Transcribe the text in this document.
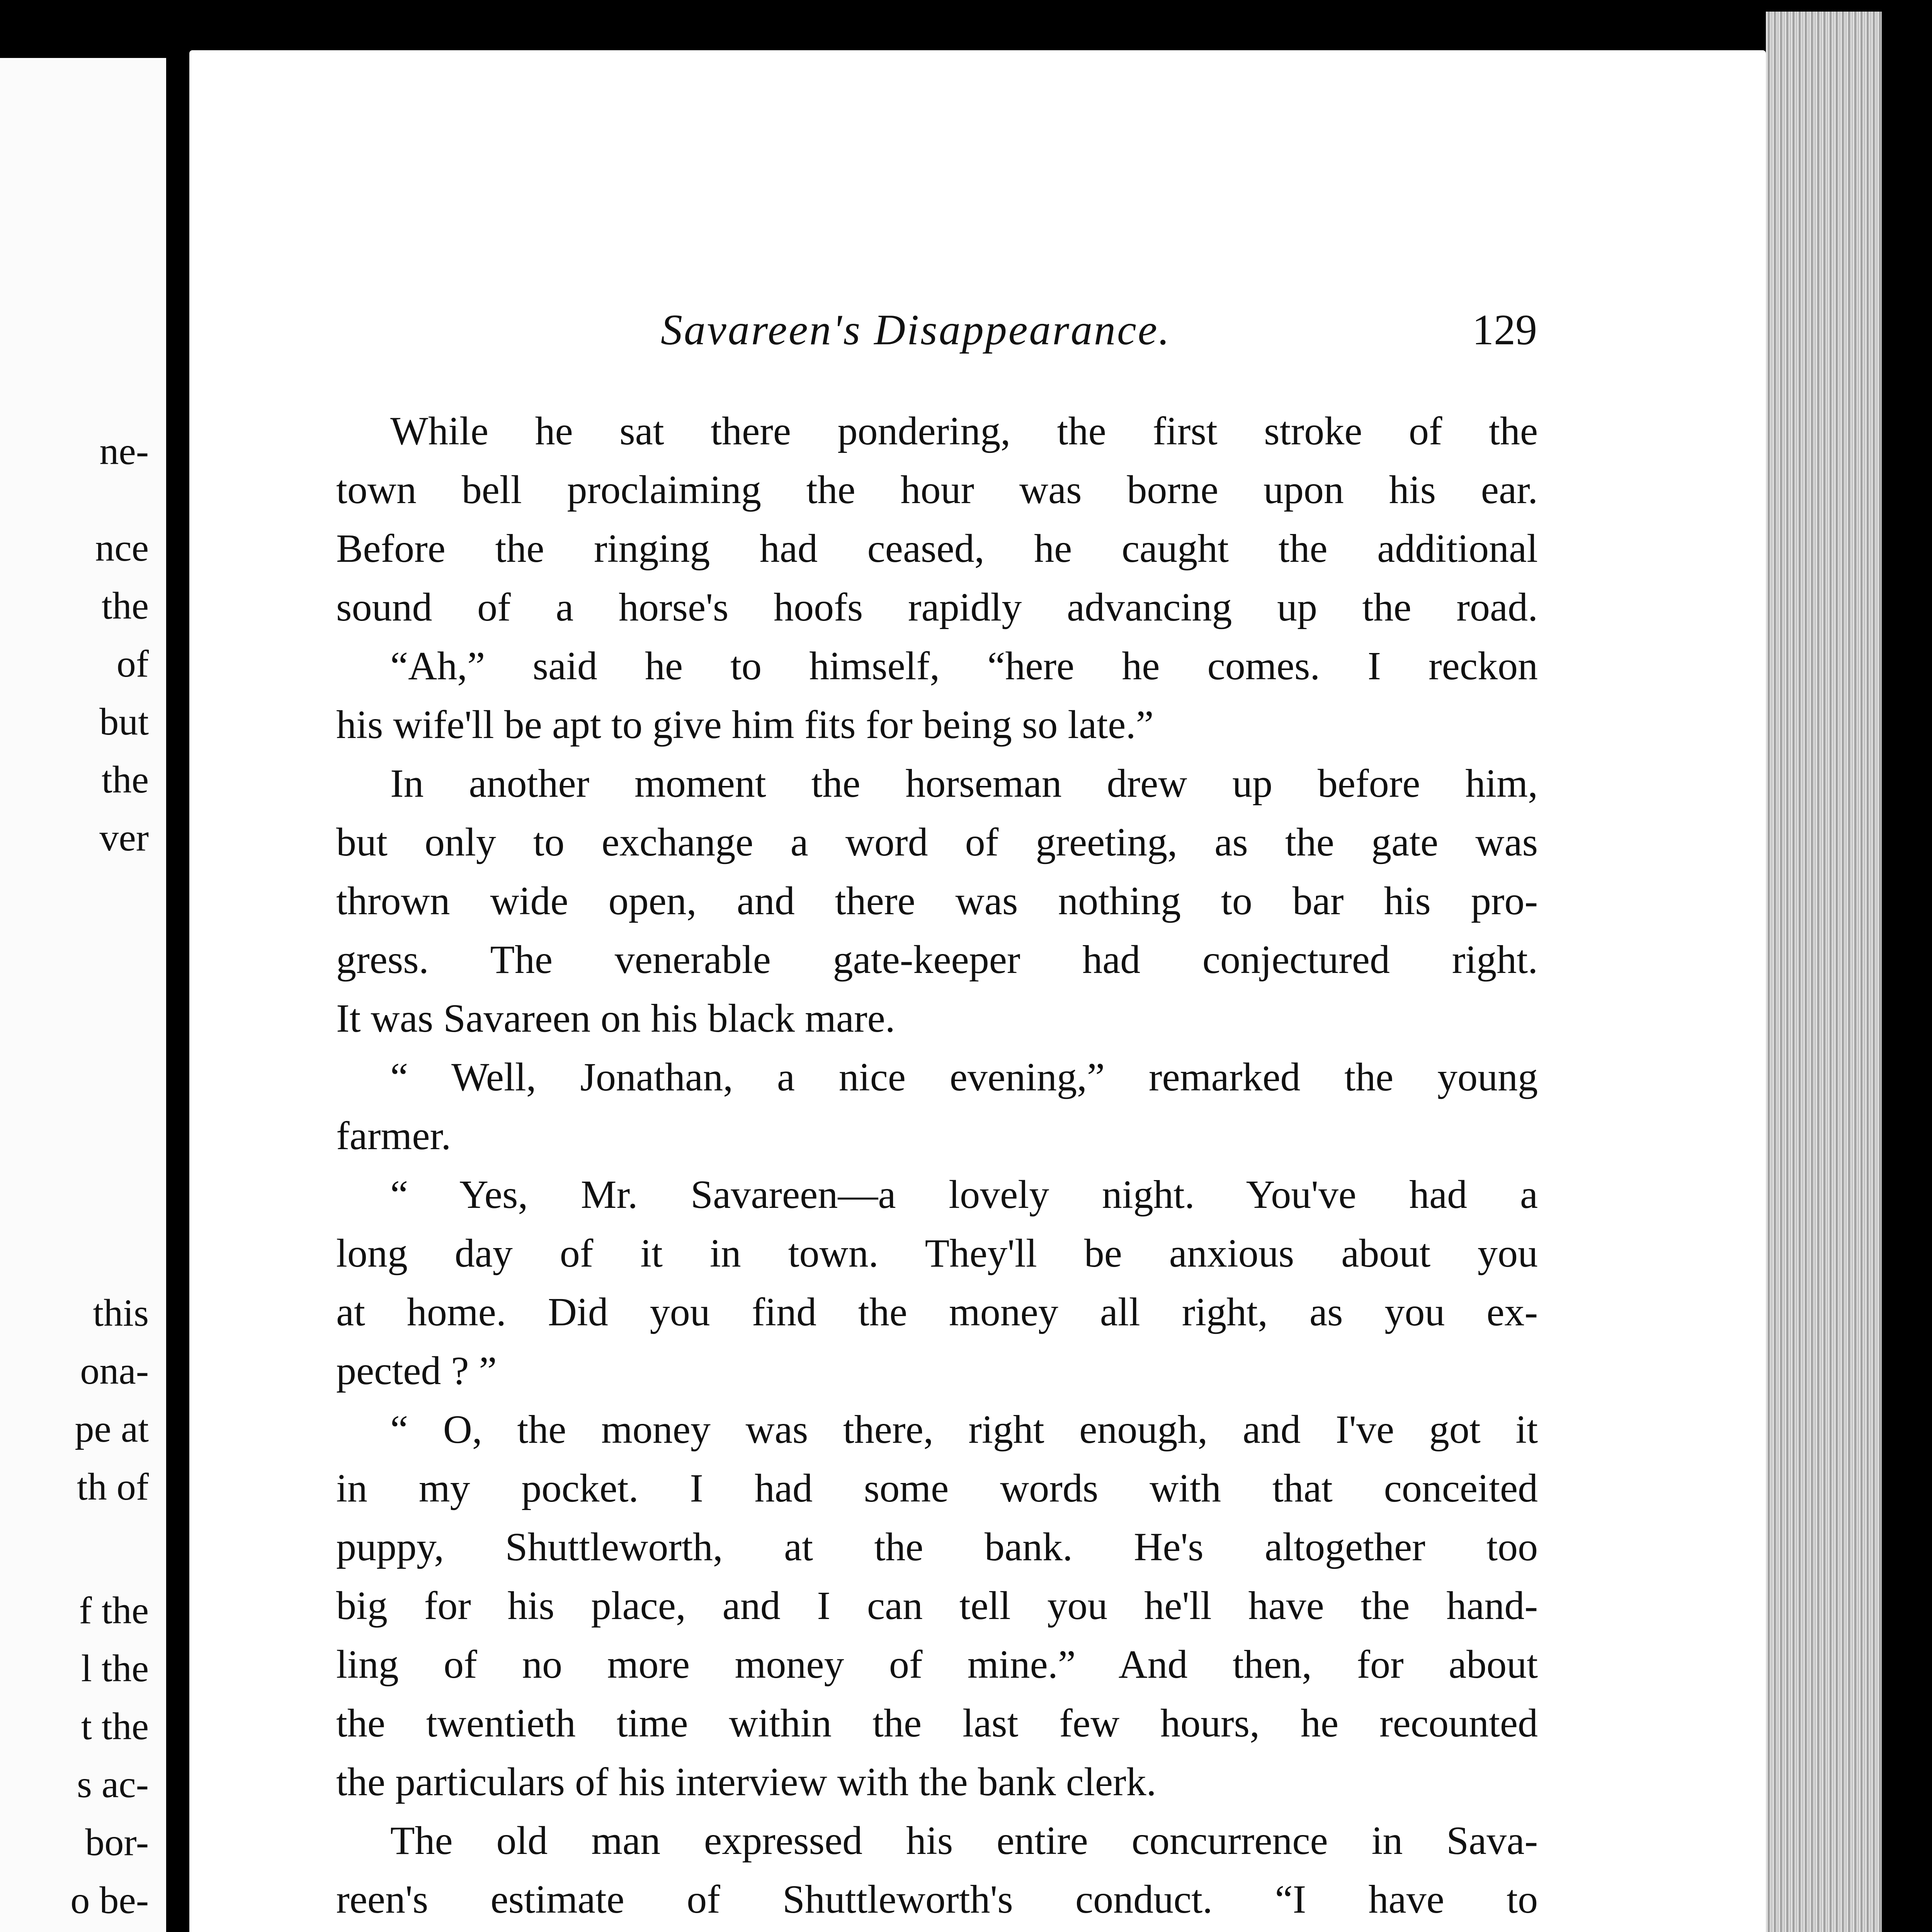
ne-
nce
the
of
but
the
ver
this
ona-
pe at
th of
f the
l the
t the
s ac-
bor-
o be-
Savareen's Disappearance.	129
While he sat there pondering, the first stroke of the
town bell proclaiming the hour was borne upon his ear.
Before the ringing had ceased, he caught the additional
sound of a horse's hoofs rapidly advancing up the road.
“Ah,” said he to himself, “here he comes. I reckon
his wife'll be apt to give him fits for being so late.”
In another moment the horseman drew up before him,
but only to exchange a word of greeting, as the gate was
thrown wide open, and there was nothing to bar his pro-
gress. The venerable gate-keeper had conjectured right.
It was Savareen on his black mare.
“ Well, Jonathan, a nice evening,” remarked the young
farmer.
“ Yes, Mr. Savareen—a lovely night. You've had a
long day of it in town. They'll be anxious about you
at home. Did you find the money all right, as you ex-
pected ? ”
“ O, the money was there, right enough, and I've got it
in my pocket. I had some words with that conceited
puppy, Shuttleworth, at the bank. He's altogether too
big for his place, and I can tell you he'll have the hand-
ling of no more money of mine.” And then, for about
the twentieth time within the last few hours, he recounted
the particulars of his interview with the bank clerk.
The old man expressed his entire concurrence in Sava-
reen's estimate of Shuttleworth's conduct. “I have to
